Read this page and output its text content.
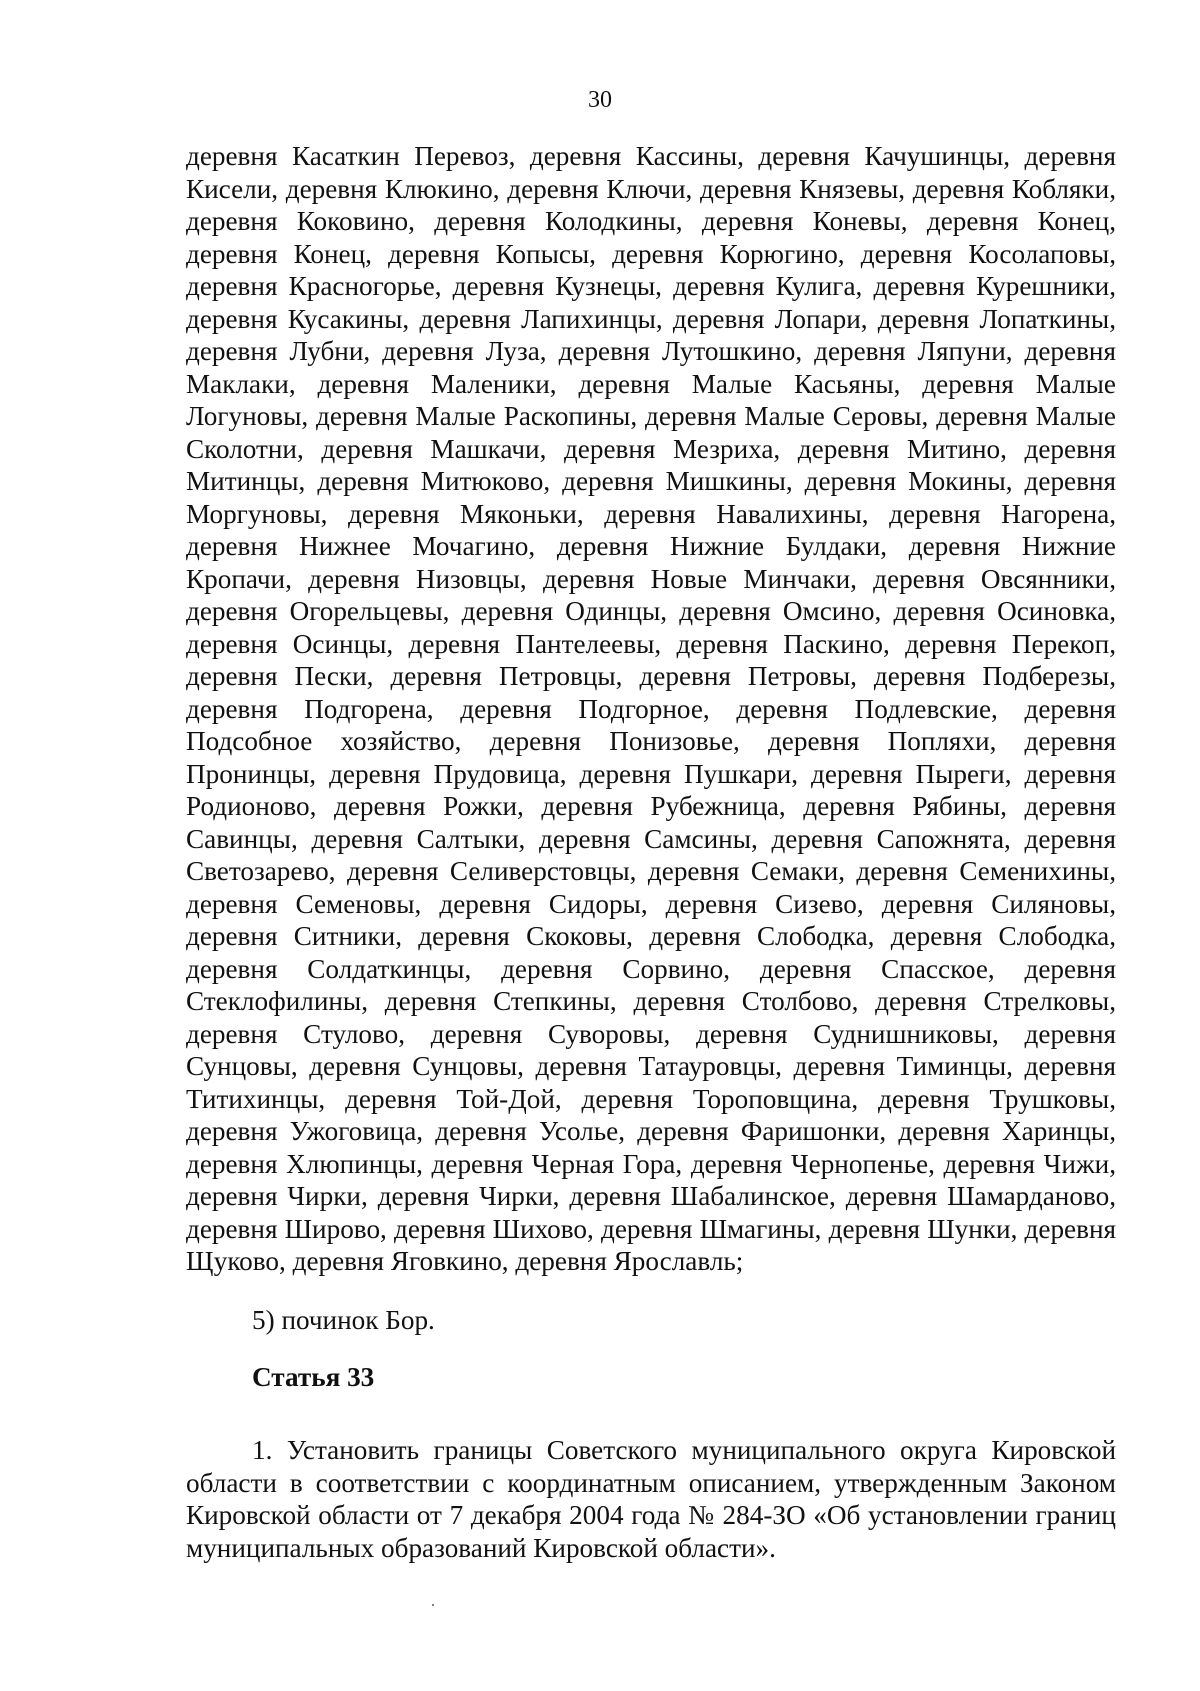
30
деревня Касаткин Перевоз, деревня Кассины, деревня Качушинцы, деревня Кисели, деревня Клюкино, деревня Ключи, деревня Князевы, деревня Кобляки, деревня Коковино, деревня Колодкины, деревня Коневы, деревня Конец, деревня Конец, деревня Копысы, деревня Корюгино, деревня Косолаповы, деревня Красногорье, деревня Кузнецы, деревня Кулига, деревня Курешники, деревня Кусакины, деревня Лапихинцы, деревня Лопари, деревня Лопаткины, деревня Лубни, деревня Луза, деревня Лутошкино, деревня Ляпуни, деревня Маклаки, деревня Маленики, деревня Малые Касьяны, деревня Малые Логуновы, деревня Малые Раскопины, деревня Малые Серовы, деревня Малые Сколотни, деревня Машкачи, деревня Мезриха, деревня Митино, деревня Митинцы, деревня Митюково, деревня Мишкины, деревня Мокины, деревня Моргуновы, деревня Мяконьки, деревня Навалихины, деревня Нагорена, деревня Нижнее Мочагино, деревня Нижние Булдаки, деревня Нижние Кропачи, деревня Низовцы, деревня Новые Минчаки, деревня Овсянники, деревня Огорельцевы, деревня Одинцы, деревня Омсино, деревня Осиновка, деревня Осинцы, деревня Пантелеевы, деревня Паскино, деревня Перекоп, деревня Пески, деревня Петровцы, деревня Петровы, деревня Подберезы, деревня Подгорена, деревня Подгорное, деревня Подлевские, деревня Подсобное хозяйство, деревня Понизовье, деревня Попляхи, деревня Пронинцы, деревня Прудовица, деревня Пушкари, деревня Пыреги, деревня Родионово, деревня Рожки, деревня Рубежница, деревня Рябины, деревня Савинцы, деревня Салтыки, деревня Самсины, деревня Сапожнята, деревня Светозарево, деревня Селиверстовцы, деревня Семаки, деревня Семенихины, деревня Семеновы, деревня Сидоры, деревня Сизево, деревня Силяновы, деревня Ситники, деревня Скоковы, деревня Слободка, деревня Слободка, деревня Солдаткинцы, деревня Сорвино, деревня Спасское, деревня Стеклофилины, деревня Степкины, деревня Столбово, деревня Стрелковы, деревня Стулово, деревня Суворовы, деревня Суднишниковы, деревня Сунцовы, деревня Сунцовы, деревня Татауровцы, деревня Тиминцы, деревня Титихинцы, деревня Той-Дой, деревня Тороповщина, деревня Трушковы, деревня Ужоговица, деревня Усолье, деревня Фаришонки, деревня Харинцы, деревня Хлюпинцы, деревня Черная Гора, деревня Чернопенье, деревня Чижи, деревня Чирки, деревня Чирки, деревня Шабалинское, деревня Шамарданово, деревня Широво, деревня Шихово, деревня Шмагины, деревня Шунки, деревня Щуково, деревня Яговкино, деревня Ярославль;
5) починок Бор.
Статья 33
1. Установить границы Советского муниципального округа Кировской области в соответствии с координатным описанием, утвержденным Законом Кировской области от 7 декабря 2004 года № 284-ЗО «Об установлении границ муниципальных образований Кировской области».
